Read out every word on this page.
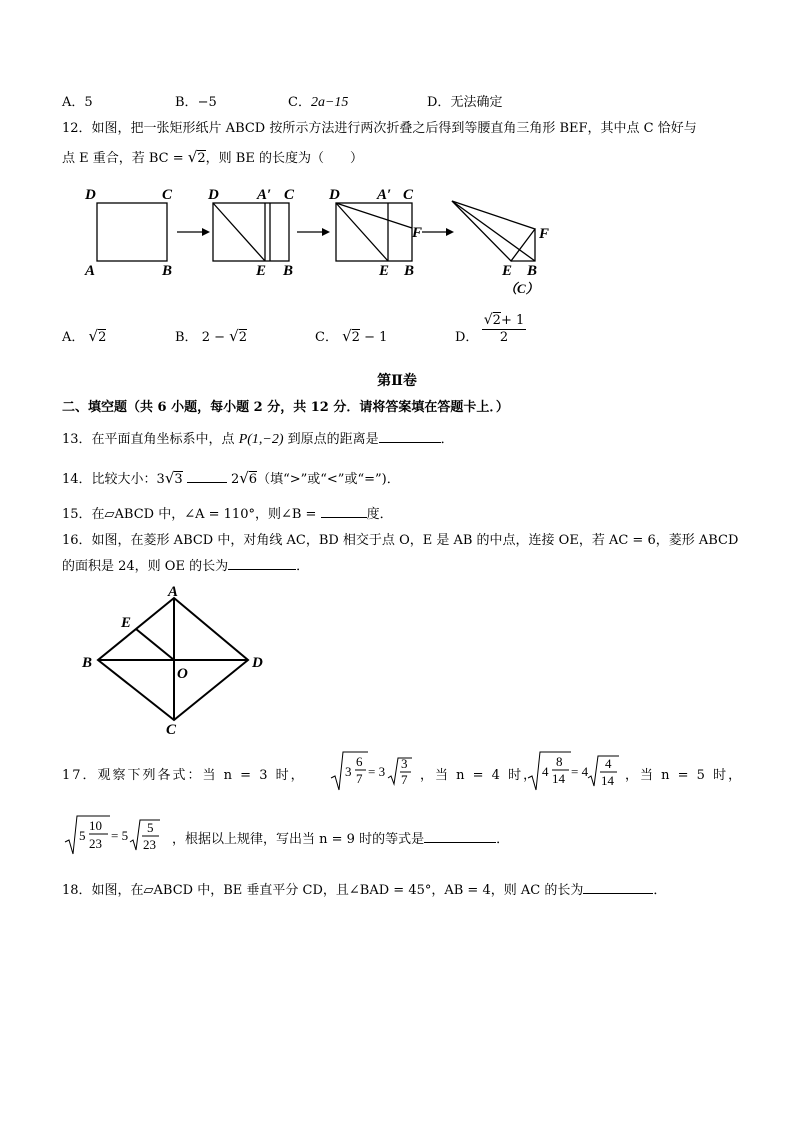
A．5	B．−5	C．2a−15	D．无法确定
12．如图，把一张矩形纸片 ABCD 按所示方法进行两次折叠之后得到等腰直角三角形 BEF，其中点 C 恰好与
点 E 重合，若 BC = √2，则 BE 的长度为（　　）
D	C
A	B
D	A′ C
E B
D A′ C
F
E B
F
E B
（C）
A． √2	B． 2 − √2	C． √2 − 1	D．
√2+ 1
2
第Ⅱ卷
二、填空题（共 6 小题，每小题 2 分，共 12 分．请将答案填在答题卡上．）
13．在平面直角坐标系中，点 P(1,−2) 到原点的距离是	．
14．比较大小：3√3	2√6（填“>”或“<”或“=”)．
15．在▱ABCD 中，∠A = 110°，则∠B =	度．
16．如图，在菱形 ABCD 中，对角线 AC，BD 相交于点 O，E 是 AB 的中点，连接 OE，若 AC = 6，菱形 ABCD
的面积是 24，则 OE 的长为	．
A
B
C
D
E
O
17．观察下列各式：当 n = 3 时，	3
6
7 = 3
3
7 ，当 n = 4 时， 4
8
14 = 4
4
14 ，当 n = 5 时，
5
10
23
= 5
5
23 ，根据以上规律，写出当 n = 9 时的等式是	．
18．如图，在▱ABCD 中，BE 垂直平分 CD，且∠BAD = 45°，AB = 4，则 AC 的长为	．
